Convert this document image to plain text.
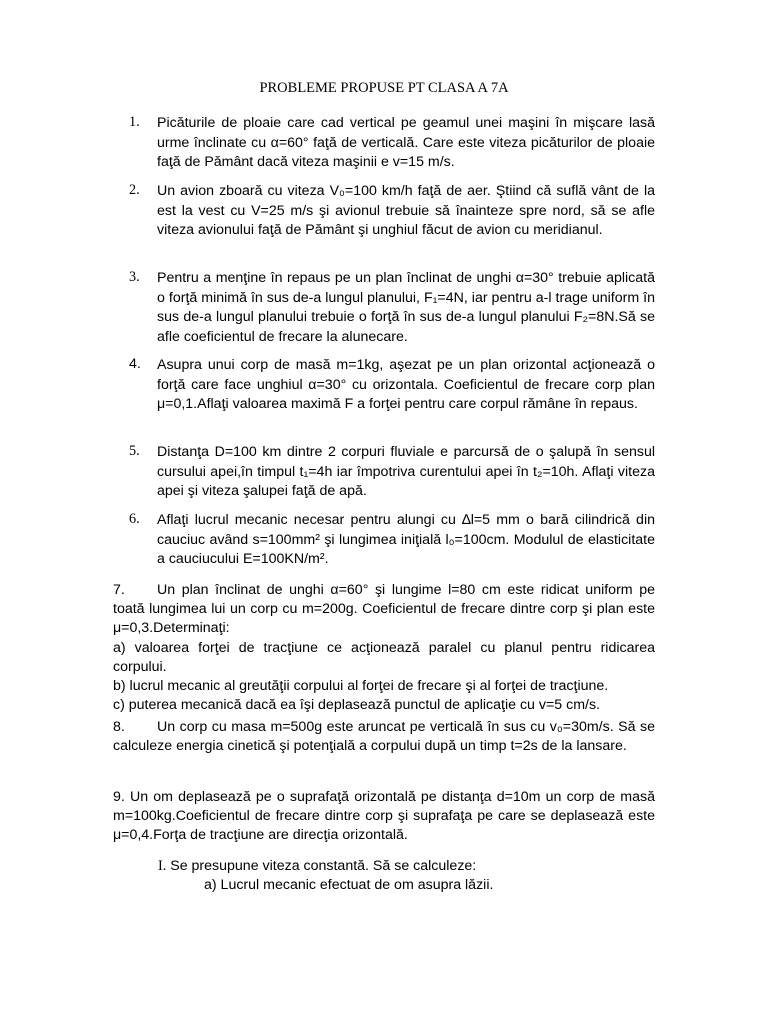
PROBLEME PROPUSE PT CLASA A 7A
1.	Picăturile de ploaie care cad vertical pe geamul unei maşini în mişcare lasă urme înclinate cu α=60° faţă de verticală. Care este viteza picăturilor de ploaie faţă de Pământ dacă viteza maşinii e v=15 m/s.
2.	Un avion zboară cu viteza V₀=100 km/h faţă de aer. Ştiind că suflă vânt de la est la vest cu V=25 m/s şi avionul trebuie să înainteze spre nord, să se afle viteza avionului faţă de Pământ şi unghiul făcut de avion cu meridianul.
3.	Pentru a menţine în repaus pe un plan înclinat de unghi α=30° trebuie aplicată o forţă minimă în sus de-a lungul planului, F₁=4N, iar pentru a-l trage uniform în sus de-a lungul planului trebuie o forţă în sus de-a lungul planului F₂=8N.Să se afle coeficientul de frecare la alunecare.
4.	Asupra unui corp de masă m=1kg, aşezat pe un plan orizontal acţionează o forţă care face unghiul α=30° cu orizontala. Coeficientul de frecare corp plan μ=0,1.Aflaţi valoarea maximă F a forţei pentru care corpul rămâne în repaus.
5.	Distanţa D=100 km dintre 2 corpuri fluviale e parcursă de o şalupă în sensul cursului apei,în timpul t₁=4h iar împotriva curentului apei în t₂=10h. Aflaţi viteza apei şi viteza şalupei faţă de apă.
6.	Aflaţi lucrul mecanic necesar pentru alungi cu ∆l=5 mm o bară cilindrică din cauciuc având s=100mm² şi lungimea iniţială l₀=100cm. Modulul de elasticitate a cauciucului E=100KN/m².
7. Un plan înclinat de unghi α=60° şi lungime l=80 cm este ridicat uniform pe toată lungimea lui un corp cu m=200g. Coeficientul de frecare dintre corp şi plan este μ=0,3.Determinaţi:
a) valoarea forţei de tracţiune ce acţionează paralel cu planul pentru ridicarea corpului.
b) lucrul mecanic al greutăţii corpului al forţei de frecare şi al forţei de tracţiune.
c) puterea mecanică dacă ea îşi deplasează punctul de aplicaţie cu v=5 cm/s.
8. Un corp cu masa m=500g este aruncat pe verticală în sus cu v₀=30m/s. Să se calculeze energia cinetică şi potenţială a corpului după un timp t=2s de la lansare.
9. Un om deplasează pe o suprafaţă orizontală pe distanţa d=10m un corp de masă m=100kg.Coeficientul de frecare dintre corp şi suprafaţa pe care se deplasează este μ=0,4.Forţa de tracţiune are direcţia orizontală.
I. Se presupune viteza constantă. Să se calculeze:
a) Lucrul mecanic efectuat de om asupra lăzii.
